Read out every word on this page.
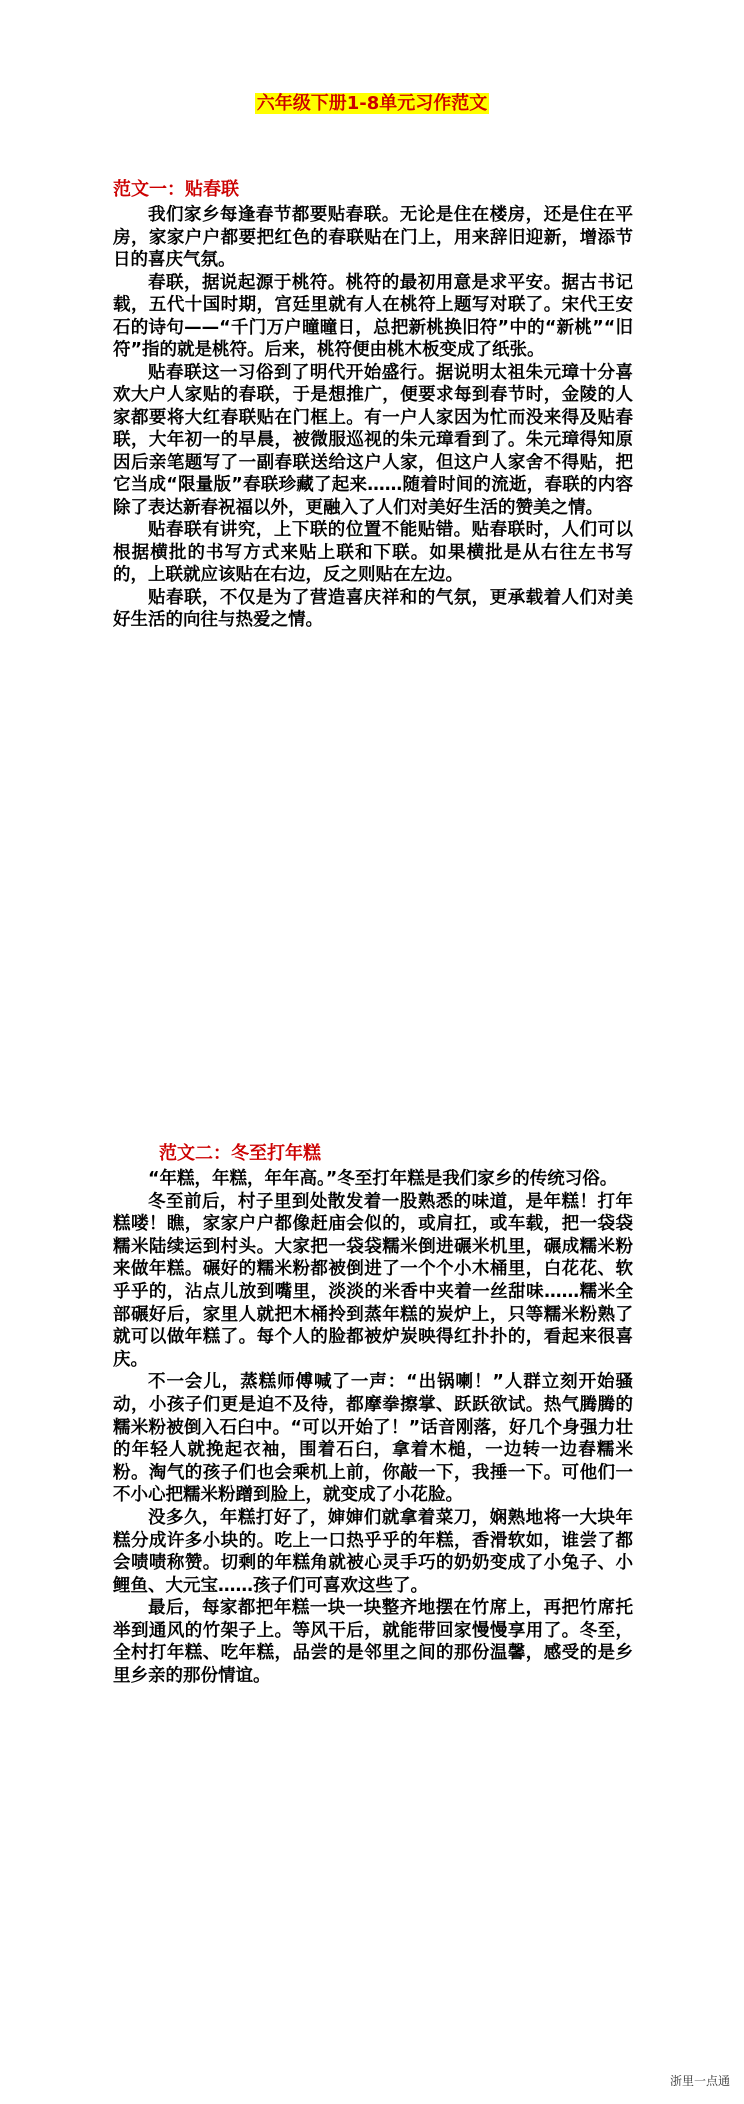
六年级下册1-8单元习作范文
范文一：贴春联

我们家乡每逢春节都要贴春联。无论是住在楼房，还是住在平房，家家户户都要把红色的春联贴在门上，用来辞旧迎新，增添节日的喜庆气氛。

春联，据说起源于桃符。桃符的最初用意是求平安。据古书记载，五代十国时期，宫廷里就有人在桃符上题写对联了。宋代王安石的诗句——“千门万户曈曈日，总把新桃换旧符”中的“新桃”“旧符”指的就是桃符。后来，桃符便由桃木板变成了纸张。

贴春联这一习俗到了明代开始盛行。据说明太祖朱元璋十分喜欢大户人家贴的春联，于是想推广，便要求每到春节时，金陵的人家都要将大红春联贴在门框上。有一户人家因为忙而没来得及贴春联，大年初一的早晨，被微服巡视的朱元璋看到了。朱元璋得知原因后亲笔题写了一副春联送给这户人家，但这户人家舍不得贴，把它当成“限量版”春联珍藏了起来……随着时间的流逝，春联的内容除了表达新春祝福以外，更融入了人们对美好生活的赞美之情。

贴春联有讲究，上下联的位置不能贴错。贴春联时，人们可以根据横批的书写方式来贴上联和下联。如果横批是从右往左书写的，上联就应该贴在右边，反之则贴在左边。

贴春联，不仅是为了营造喜庆祥和的气氛，更承载着人们对美好生活的向往与热爱之情。

范文二：冬至打年糕

“年糕，年糕，年年高。”冬至打年糕是我们家乡的传统习俗。

冬至前后，村子里到处散发着一股熟悉的味道，是年糕！打年糕喽！瞧，家家户户都像赶庙会似的，或肩扛，或车载，把一袋袋糯米陆续运到村头。大家把一袋袋糯米倒进碾米机里，碾成糯米粉来做年糕。碾好的糯米粉都被倒进了一个个小木桶里，白花花、软乎乎的，沾点儿放到嘴里，淡淡的米香中夹着一丝甜味……糯米全部碾好后，家里人就把木桶拎到蒸年糕的炭炉上，只等糯米粉熟了就可以做年糕了。每个人的脸都被炉炭映得红扑扑的，看起来很喜庆。

不一会儿，蒸糕师傅喊了一声：“出锅喇！”人群立刻开始骚动，小孩子们更是迫不及待，都摩拳擦掌、跃跃欲试。热气腾腾的糯米粉被倒入石臼中。“可以开始了！”话音刚落，好几个身强力壮的年轻人就挽起衣袖，围着石臼，拿着木槌，一边转一边舂糯米粉。淘气的孩子们也会乘机上前，你敲一下，我捶一下。可他们一不小心把糯米粉蹭到脸上，就变成了小花脸。

没多久，年糕打好了，婶婶们就拿着菜刀，娴熟地将一大块年糕分成许多小块的。吃上一口热乎乎的年糕，香滑软如，谁尝了都会啧啧称赞。切剩的年糕角就被心灵手巧的奶奶变成了小兔子、小鲤鱼、大元宝……孩子们可喜欢这些了。

最后，每家都把年糕一块一块整齐地摆在竹席上，再把竹席托举到通风的竹架子上。等风干后，就能带回家慢慢享用了。冬至，全村打年糕、吃年糕，品尝的是邻里之间的那份温馨，感受的是乡里乡亲的那份情谊。

浙里一点通
